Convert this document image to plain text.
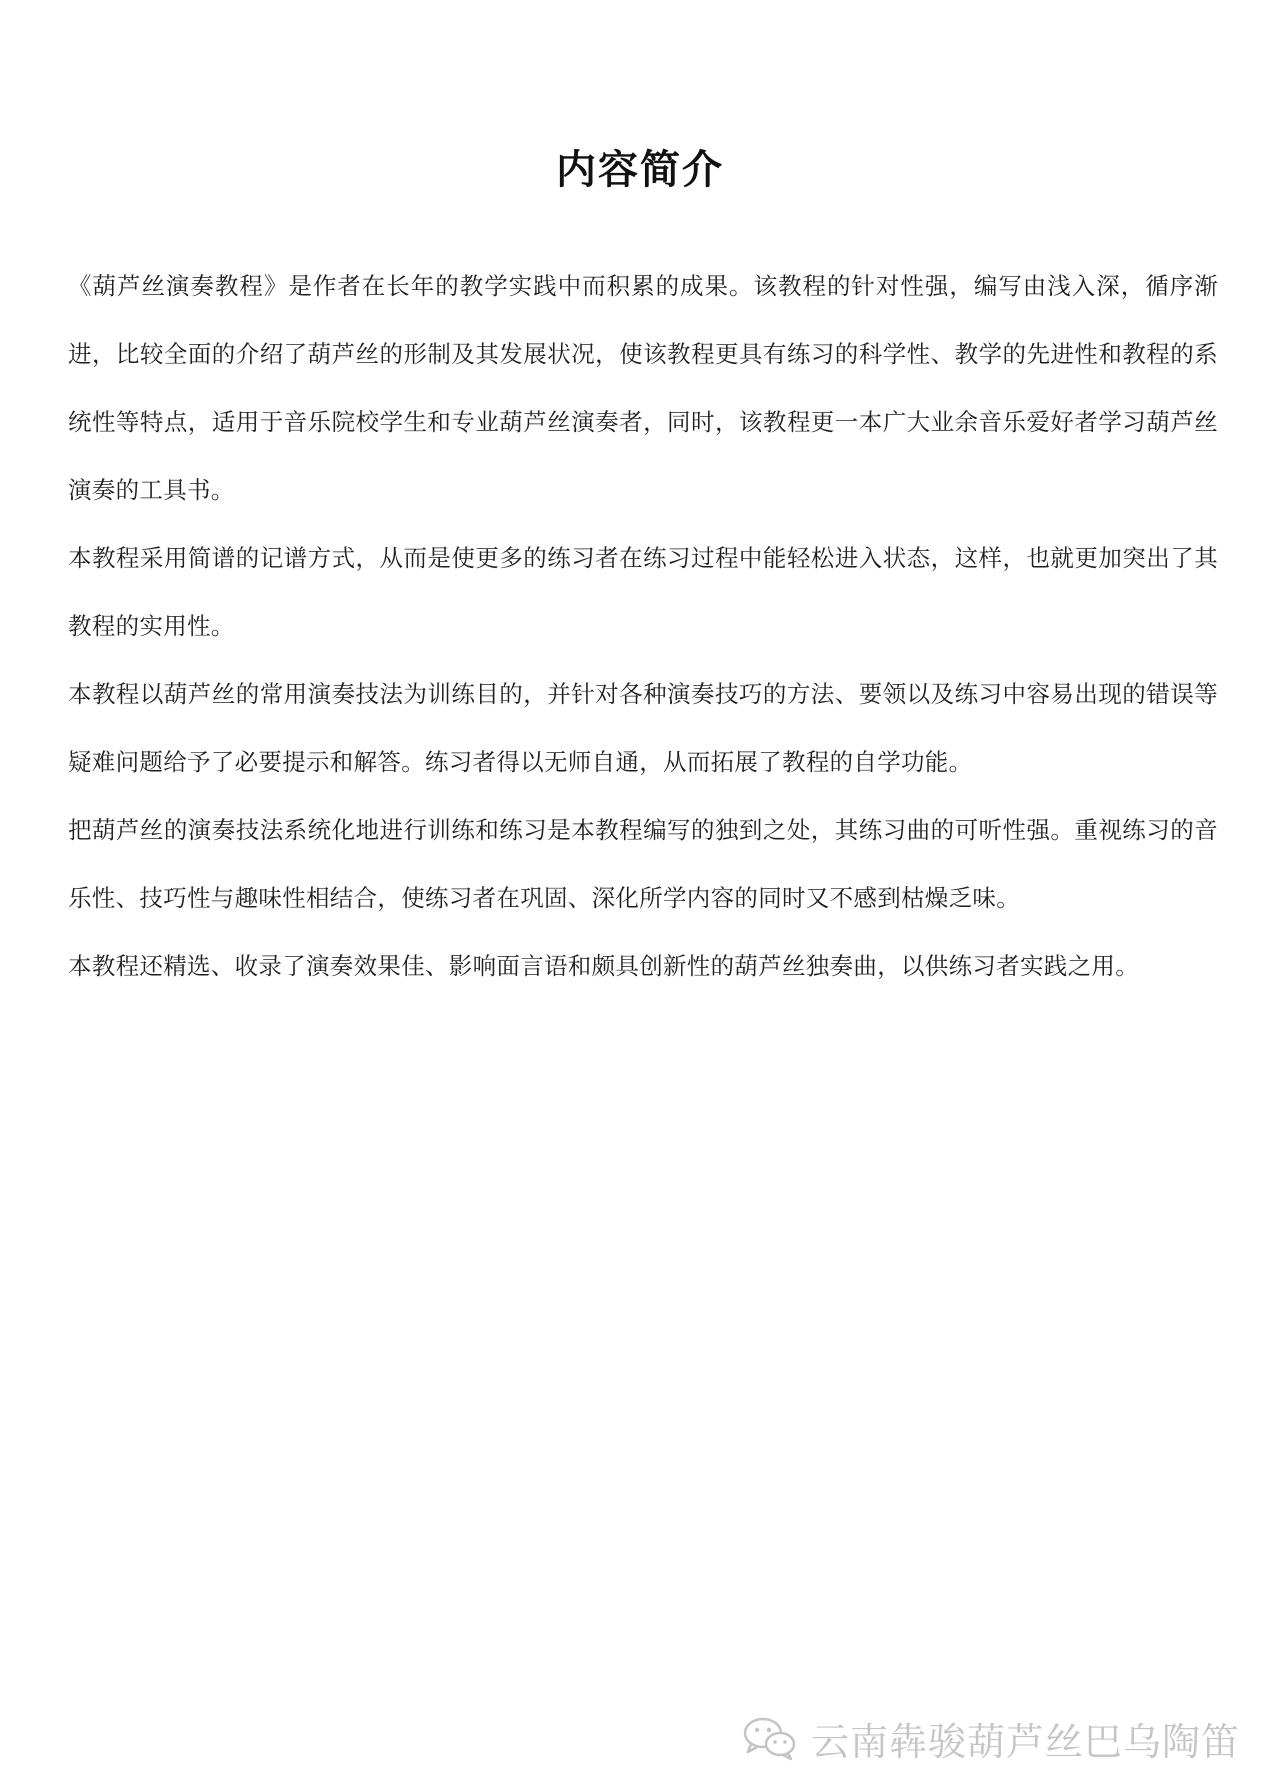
内容简介

《葫芦丝演奏教程》是作者在长年的教学实践中而积累的成果。该教程的针对性强，编写由浅入深，循序渐进，比较全面的介绍了葫芦丝的形制及其发展状况，使该教程更具有练习的科学性、教学的先进性和教程的系统性等特点，适用于音乐院校学生和专业葫芦丝演奏者，同时，该教程更一本广大业余音乐爱好者学习葫芦丝演奏的工具书。

本教程采用简谱的记谱方式，从而是使更多的练习者在练习过程中能轻松进入状态，这样，也就更加突出了其教程的实用性。

本教程以葫芦丝的常用演奏技法为训练目的，并针对各种演奏技巧的方法、要领以及练习中容易出现的错误等疑难问题给予了必要提示和解答。练习者得以无师自通，从而拓展了教程的自学功能。

把葫芦丝的演奏技法系统化地进行训练和练习是本教程编写的独到之处，其练习曲的可听性强。重视练习的音乐性、技巧性与趣味性相结合，使练习者在巩固、深化所学内容的同时又不感到枯燥乏味。

本教程还精选、收录了演奏效果佳、影响面言语和颇具创新性的葫芦丝独奏曲，以供练习者实践之用。

云南犇骏葫芦丝巴乌陶笛
